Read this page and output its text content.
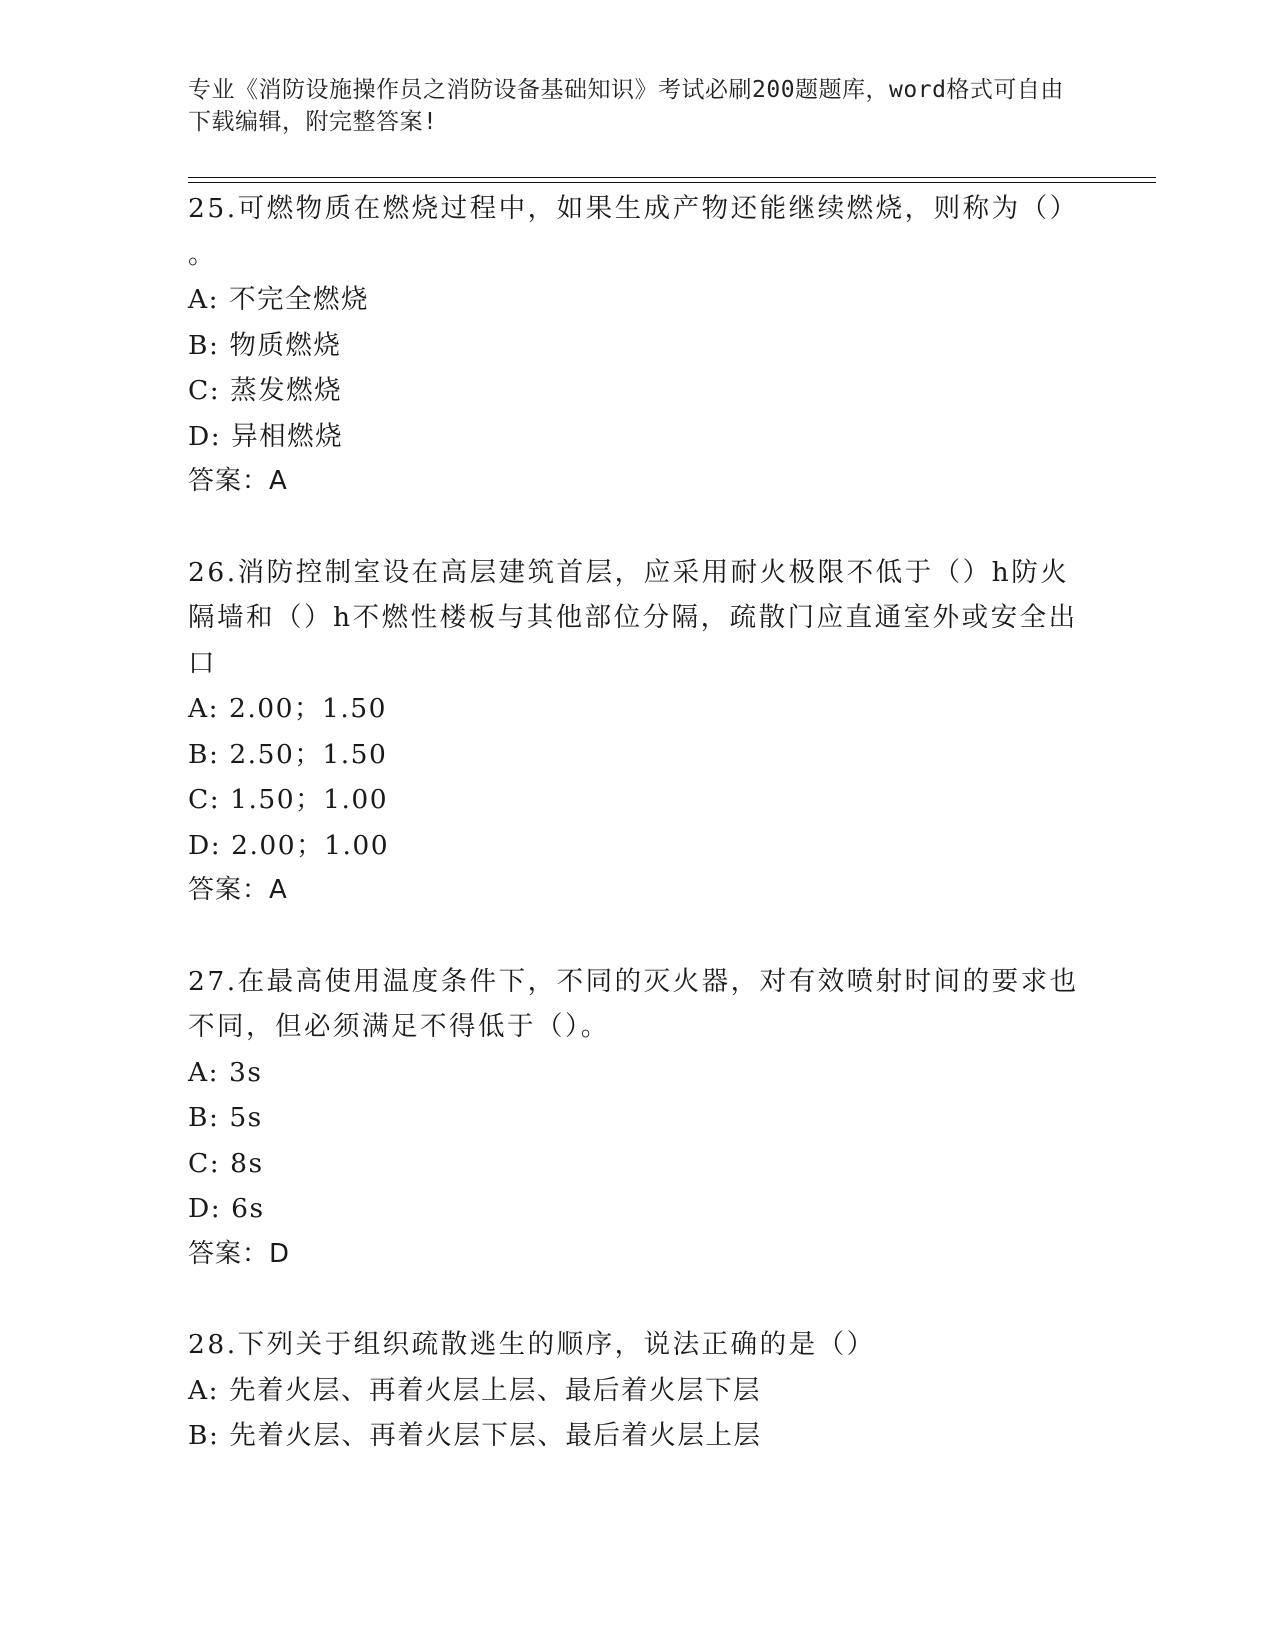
专业《消防设施操作员之消防设备基础知识》考试必刷200题题库，word格式可自由下载编辑，附完整答案!
25.可燃物质在燃烧过程中，如果生成产物还能继续燃烧，则称为（）
。
A: 不完全燃烧
B: 物质燃烧
C: 蒸发燃烧
D: 异相燃烧
答案：A
26.消防控制室设在高层建筑首层，应采用耐火极限不低于（）h防火隔墙和（）h不燃性楼板与其他部位分隔，疏散门应直通室外或安全出口
A: 2.00；1.50
B: 2.50；1.50
C: 1.50；1.00
D: 2.00；1.00
答案：A
27.在最高使用温度条件下，不同的灭火器，对有效喷射时间的要求也不同，但必须满足不得低于（）。
A: 3s
B: 5s
C: 8s
D: 6s
答案：D
28.下列关于组织疏散逃生的顺序，说法正确的是（）
A: 先着火层、再着火层上层、最后着火层下层
B: 先着火层、再着火层下层、最后着火层上层
